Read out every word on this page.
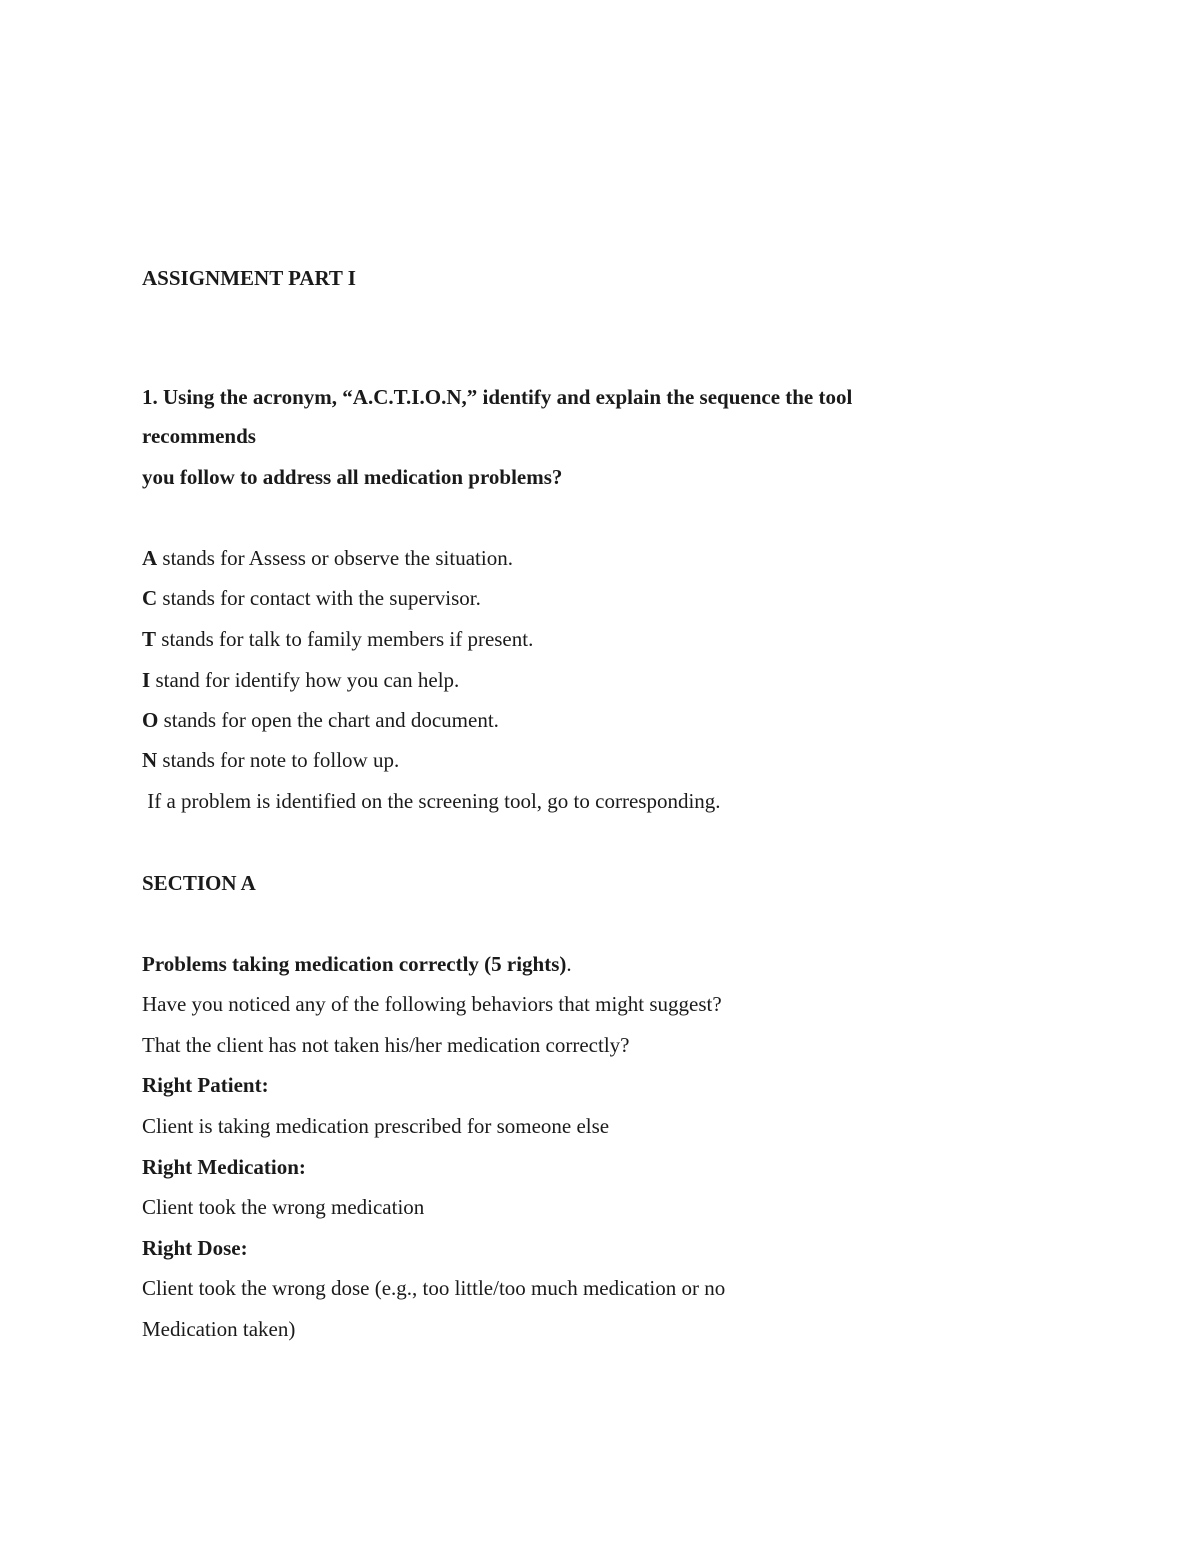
ASSIGNMENT PART I
1. Using the acronym, “A.C.T.I.O.N,” identify and explain the sequence the tool
recommends
you follow to address all medication problems?
A stands for Assess or observe the situation.
C stands for contact with the supervisor.
T stands for talk to family members if present.
I stand for identify how you can help.
O stands for open the chart and document.
N stands for note to follow up.
If a problem is identified on the screening tool, go to corresponding.
SECTION A
Problems taking medication correctly (5 rights).
Have you noticed any of the following behaviors that might suggest?
That the client has not taken his/her medication correctly?
Right Patient:
Client is taking medication prescribed for someone else
Right Medication:
Client took the wrong medication
Right Dose:
Client took the wrong dose (e.g., too little/too much medication or no
Medication taken)
